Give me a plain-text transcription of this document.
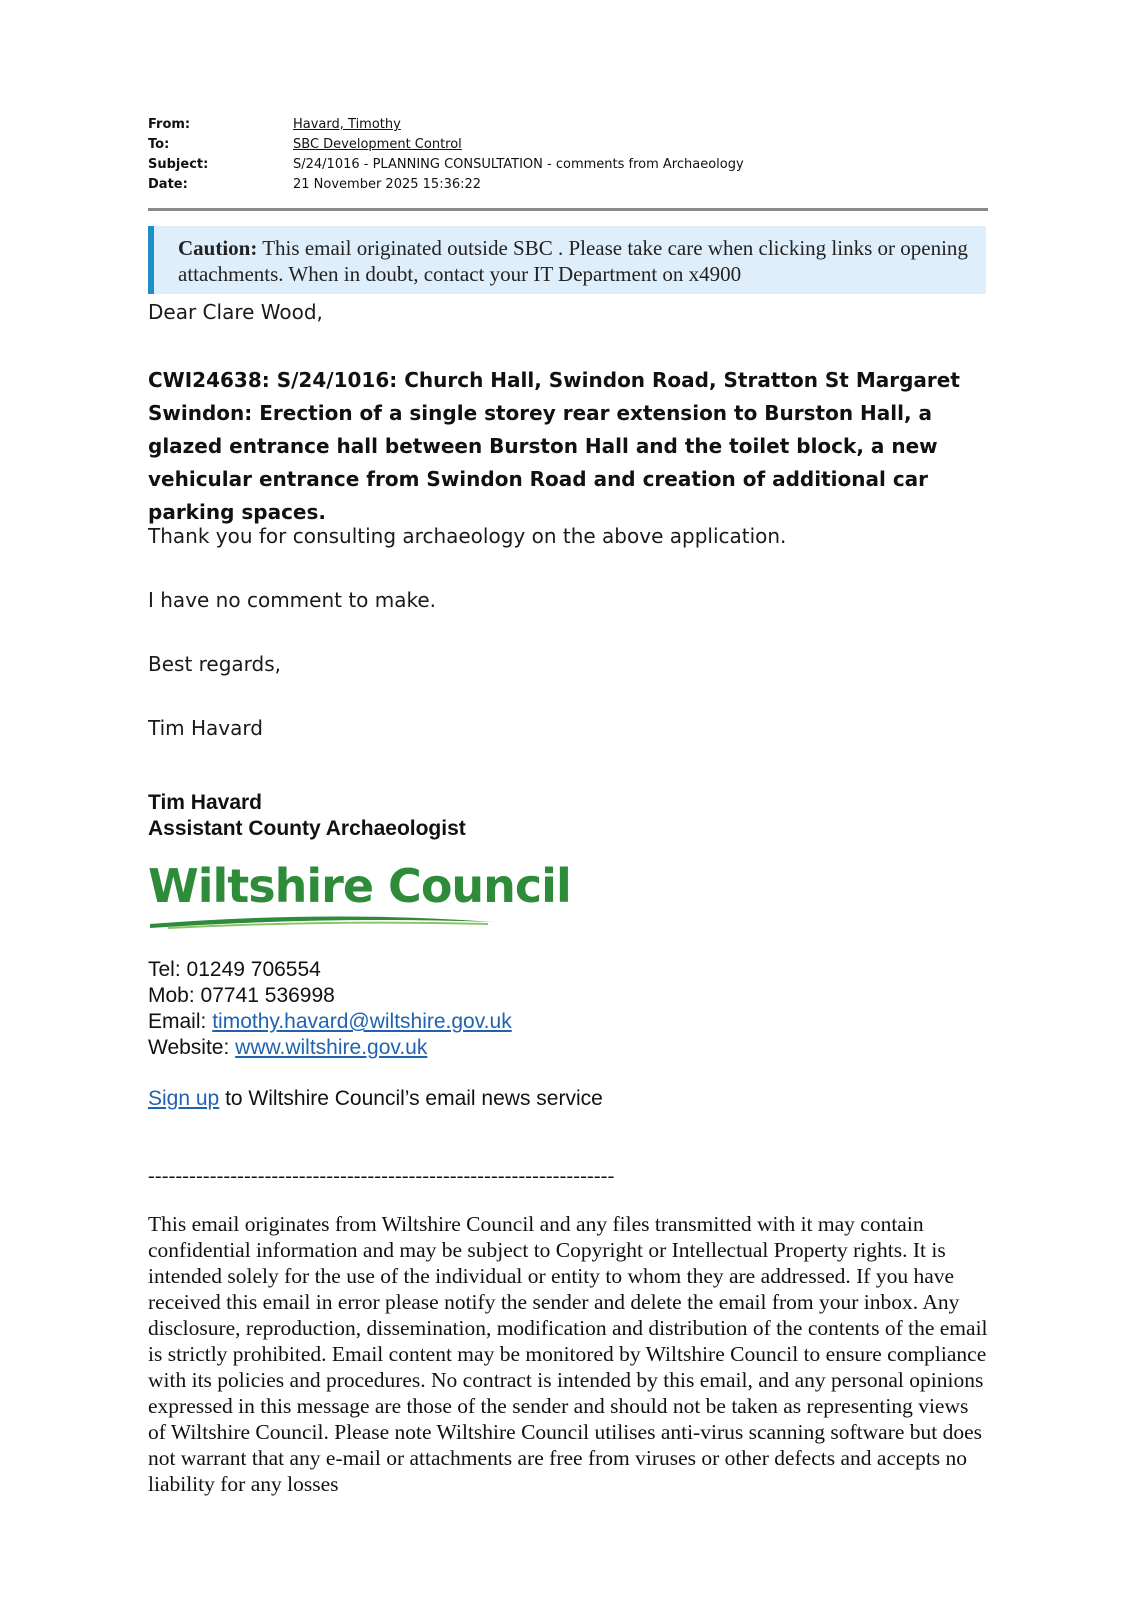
From:	Havard, Timothy
To:	SBC Development Control
Subject:	S/24/1016 - PLANNING CONSULTATION - comments from Archaeology
Date:	21 November 2025 15:36:22
Caution: This email originated outside SBC . Please take care when clicking links or opening attachments. When in doubt, contact your IT Department on x4900
Dear Clare Wood,
CWI24638: S/24/1016: Church Hall, Swindon Road, Stratton St Margaret Swindon: Erection of a single storey rear extension to Burston Hall, a glazed entrance hall between Burston Hall and the toilet block, a new vehicular entrance from Swindon Road and creation of additional car parking spaces.
Thank you for consulting archaeology on the above application.
I have no comment to make.
Best regards,
Tim Havard
Tim Havard
Assistant County Archaeologist
Wiltshire Council
Tel: 01249 706554
Mob: 07741 536998
Email: timothy.havard@wiltshire.gov.uk
Website: www.wiltshire.gov.uk
Sign up to Wiltshire Council’s email news service
--------------------------------------------------------------------
This email originates from Wiltshire Council and any files transmitted with it may contain confidential information and may be subject to Copyright or Intellectual Property rights. It is intended solely for the use of the individual or entity to whom they are addressed. If you have received this email in error please notify the sender and delete the email from your inbox. Any disclosure, reproduction, dissemination, modification and distribution of the contents of the email is strictly prohibited. Email content may be monitored by Wiltshire Council to ensure compliance with its policies and procedures. No contract is intended by this email, and any personal opinions expressed in this message are those of the sender and should not be taken as representing views of Wiltshire Council. Please note Wiltshire Council utilises anti-virus scanning software but does not warrant that any e-mail or attachments are free from viruses or other defects and accepts no liability for any losses
